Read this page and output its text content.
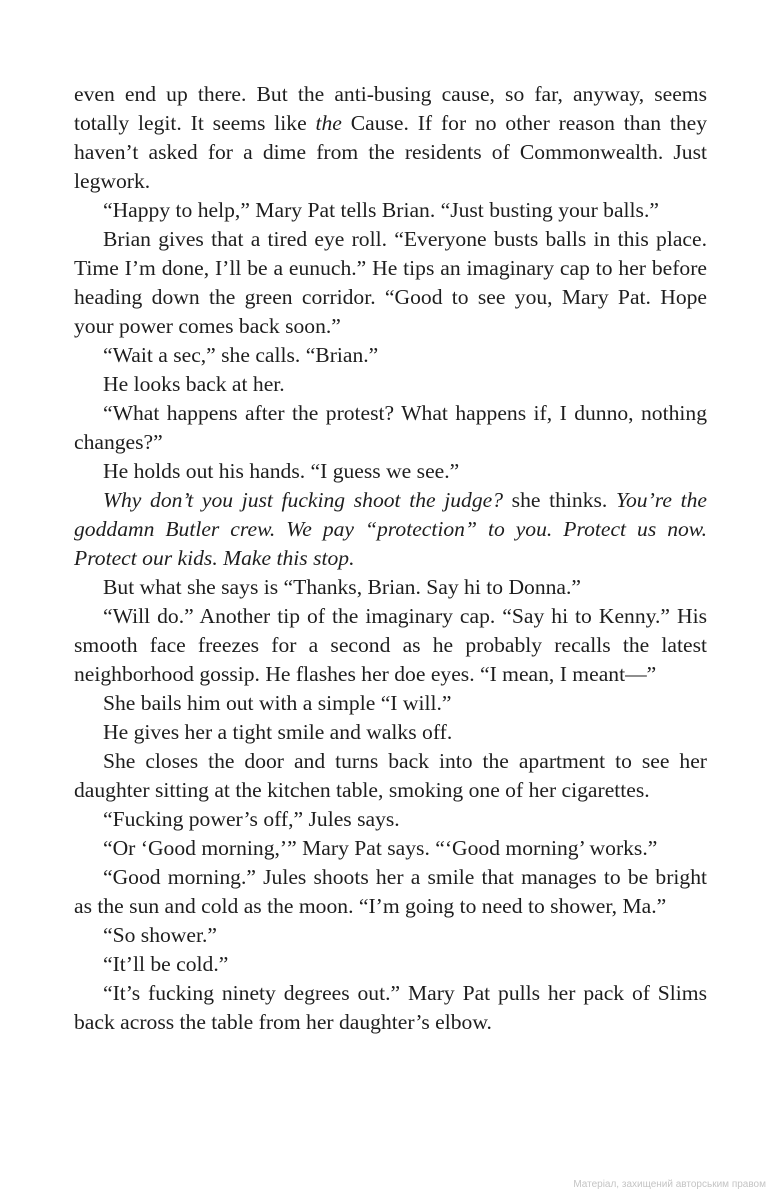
even end up there. But the anti-busing cause, so far, anyway, seems totally legit. It seems like the Cause. If for no other reason than they haven’t asked for a dime from the residents of Commonwealth. Just legwork.

“Happy to help,” Mary Pat tells Brian. “Just busting your balls.”

Brian gives that a tired eye roll. “Everyone busts balls in this place. Time I’m done, I’ll be a eunuch.” He tips an imaginary cap to her before heading down the green corridor. “Good to see you, Mary Pat. Hope your power comes back soon.”

“Wait a sec,” she calls. “Brian.”

He looks back at her.

“What happens after the protest? What happens if, I dunno, nothing changes?”

He holds out his hands. “I guess we see.”

Why don’t you just fucking shoot the judge? she thinks. You’re the goddamn Butler crew. We pay “protection” to you. Protect us now. Protect our kids. Make this stop.

But what she says is “Thanks, Brian. Say hi to Donna.”

“Will do.” Another tip of the imaginary cap. “Say hi to Kenny.” His smooth face freezes for a second as he probably recalls the latest neighborhood gossip. He flashes her doe eyes. “I mean, I meant—”

She bails him out with a simple “I will.”

He gives her a tight smile and walks off.

She closes the door and turns back into the apartment to see her daughter sitting at the kitchen table, smoking one of her cigarettes.

“Fucking power’s off,” Jules says.

“Or ‘Good morning,’” Mary Pat says. “‘Good morning’ works.”

“Good morning.” Jules shoots her a smile that manages to be bright as the sun and cold as the moon. “I’m going to need to shower, Ma.”

“So shower.”

“It’ll be cold.”

“It’s fucking ninety degrees out.” Mary Pat pulls her pack of Slims back across the table from her daughter’s elbow.

Матеріал, захищений авторським правом
